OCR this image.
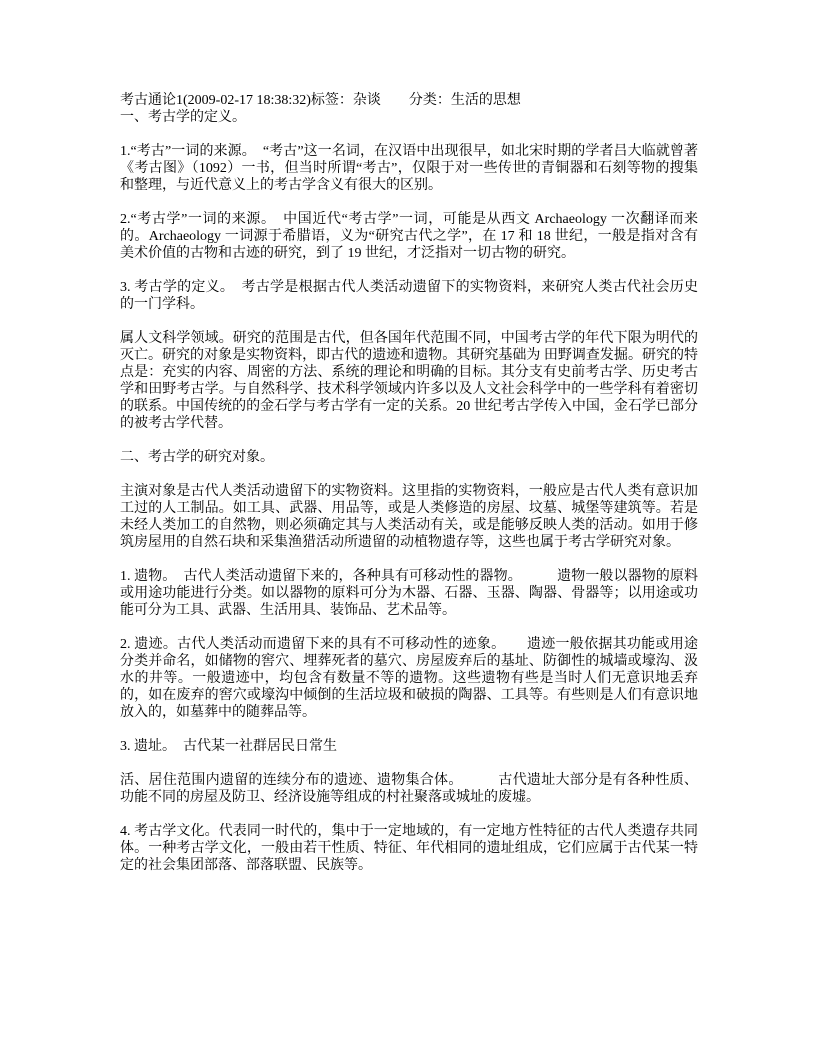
考古通论1(2009-02-17 18:38:32)标签：杂谈　　分类：生活的思想

一、考古学的定义。

1.“考古”一词的来源。　“考古”这一名词，在汉语中出现很早，如北宋时期的学者吕大临就曾著《考古图》（1092）一书，但当时所谓“考古”，仅限于对一些传世的青铜器和石刻等物的搜集和整理，与近代意义上的考古学含义有很大的区别。

2.“考古学”一词的来源。　中国近代“考古学”一词，可能是从西文 Archaeology 一次翻译而来的。Archaeology 一词源于希腊语，义为“研究古代之学”，在 17 和 18 世纪，一般是指对含有美术价值的古物和古迹的研究，到了 19 世纪，才泛指对一切古物的研究。

3. 考古学的定义。　考古学是根据古代人类活动遗留下的实物资料，来研究人类古代社会历史的一门学科。

属人文科学领域。研究的范围是古代，但各国年代范围不同，中国考古学的年代下限为明代的灭亡。研究的对象是实物资料，即古代的遗迹和遗物。其研究基础为 田野调查发掘。研究的特点是：充实的内容、周密的方法、系统的理论和明确的目标。其分支有史前考古学、历史考古学和田野考古学。与自然科学、技术科学领域内许多以及人文社会科学中的一些学科有着密切的联系。中国传统的的金石学与考古学有一定的关系。20 世纪考古学传入中国，金石学已部分的被考古学代替。

二、考古学的研究对象。

主演对象是古代人类活动遗留下的实物资料。这里指的实物资料，一般应是古代人类有意识加工过的人工制品。如工具、武器、用品等，或是人类修造的房屋、坟墓、城堡等建筑等。若是未经人类加工的自然物，则必须确定其与人类活动有关，或是能够反映人类的活动。如用于修筑房屋用的自然石块和采集渔猎活动所遗留的动植物遗存等，这些也属于考古学研究对象。

1. 遗物。　古代人类活动遗留下来的，各种具有可移动性的器物。　　　遗物一般以器物的原料或用途功能进行分类。如以器物的原料可分为木器、石器、玉器、陶器、骨器等；以用途或功能可分为工具、武器、生活用具、装饰品、艺术品等。

2. 遗迹。古代人类活动而遗留下来的具有不可移动性的迹象。　　遗迹一般依据其功能或用途分类并命名，如储物的窖穴、埋葬死者的墓穴、房屋废弃后的基址、防御性的城墙或壕沟、汲水的井等。一般遗迹中，均包含有数量不等的遗物。这些遗物有些是当时人们无意识地丢弃的，如在废弃的窖穴或壕沟中倾倒的生活垃圾和破损的陶器、工具等。有些则是人们有意识地放入的，如墓葬中的随葬品等。

3. 遗址。　古代某一社群居民日常生

活、居住范围内遗留的连续分布的遗迹、遗物集合体。　　　古代遗址大部分是有各种性质、功能不同的房屋及防卫、经济设施等组成的村社聚落或城址的废墟。

4. 考古学文化。代表同一时代的，集中于一定地域的，有一定地方性特征的古代人类遗存共同体。一种考古学文化，一般由若干性质、特征、年代相同的遗址组成，它们应属于古代某一特定的社会集团部落、部落联盟、民族等。
